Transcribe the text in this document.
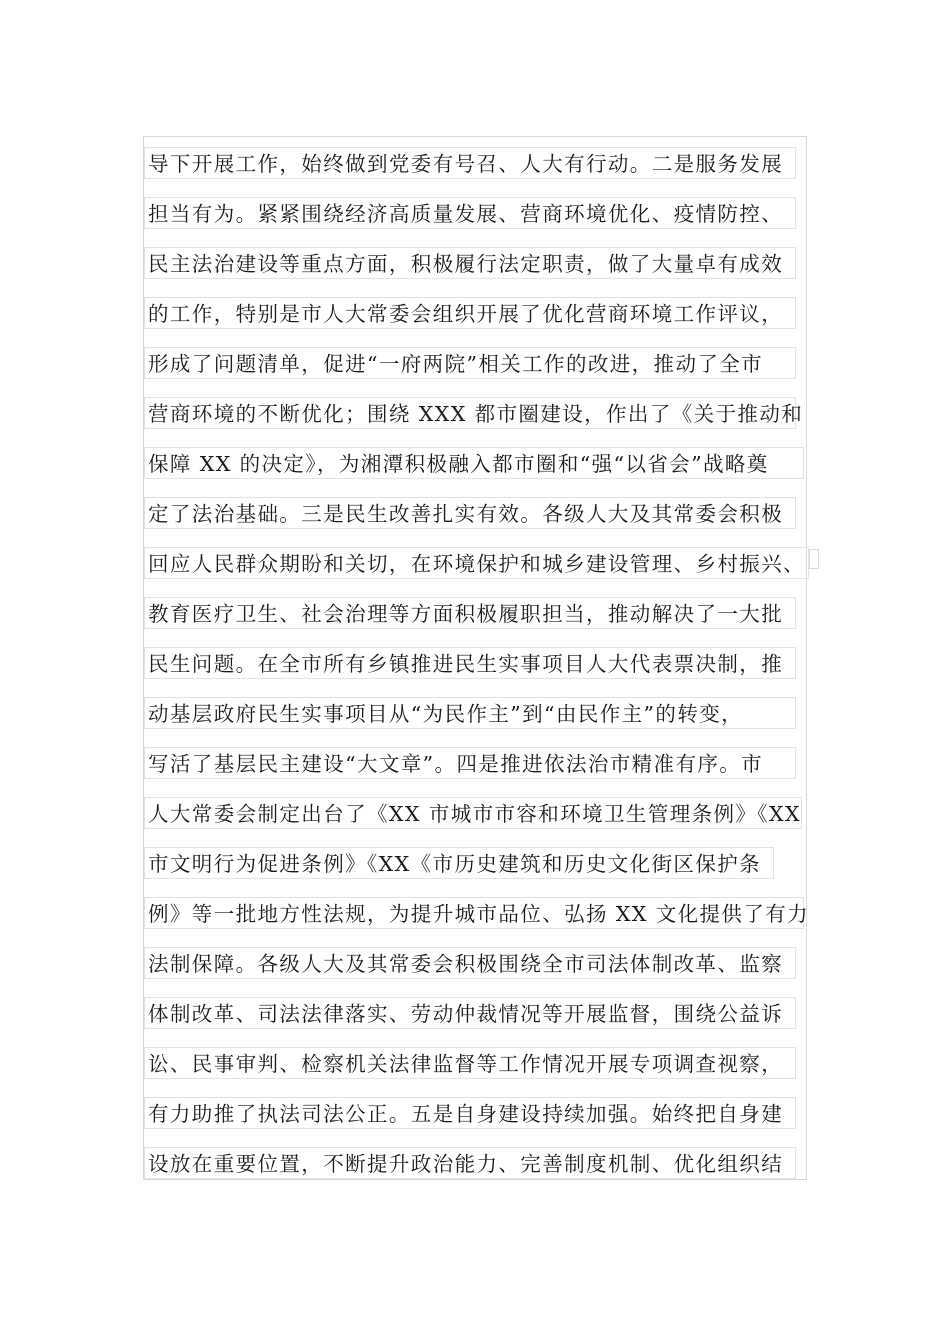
导下开展工作，始终做到党委有号召、人大有行动。二是服务发展
担当有为。紧紧围绕经济高质量发展、营商环境优化、疫情防控、
民主法治建设等重点方面，积极履行法定职责，做了大量卓有成效
的工作，特别是市人大常委会组织开展了优化营商环境工作评议，
形成了问题清单，促进“一府两院”相关工作的改进，推动了全市
营商环境的不断优化；围绕 XXX 都市圈建设，作出了《关于推动和
保障 XX 的决定》，为湘潭积极融入都市圈和“强“以省会”战略奠
定了法治基础。三是民生改善扎实有效。各级人大及其常委会积极
回应人民群众期盼和关切，在环境保护和城乡建设管理、乡村振兴、
教育医疗卫生、社会治理等方面积极履职担当，推动解决了一大批
民生问题。在全市所有乡镇推进民生实事项目人大代表票决制，推
动基层政府民生实事项目从“为民作主”到“由民作主”的转变，
写活了基层民主建设“大文章”。四是推进依法治市精准有序。市
人大常委会制定出台了《XX 市城市市容和环境卫生管理条例》《XX
市文明行为促进条例》《XX《市历史建筑和历史文化街区保护条
例》等一批地方性法规，为提升城市品位、弘扬 XX 文化提供了有力
法制保障。各级人大及其常委会积极围绕全市司法体制改革、监察
体制改革、司法法律落实、劳动仲裁情况等开展监督，围绕公益诉
讼、民事审判、检察机关法律监督等工作情况开展专项调查视察，
有力助推了执法司法公正。五是自身建设持续加强。始终把自身建
设放在重要位置，不断提升政治能力、完善制度机制、优化组织结
